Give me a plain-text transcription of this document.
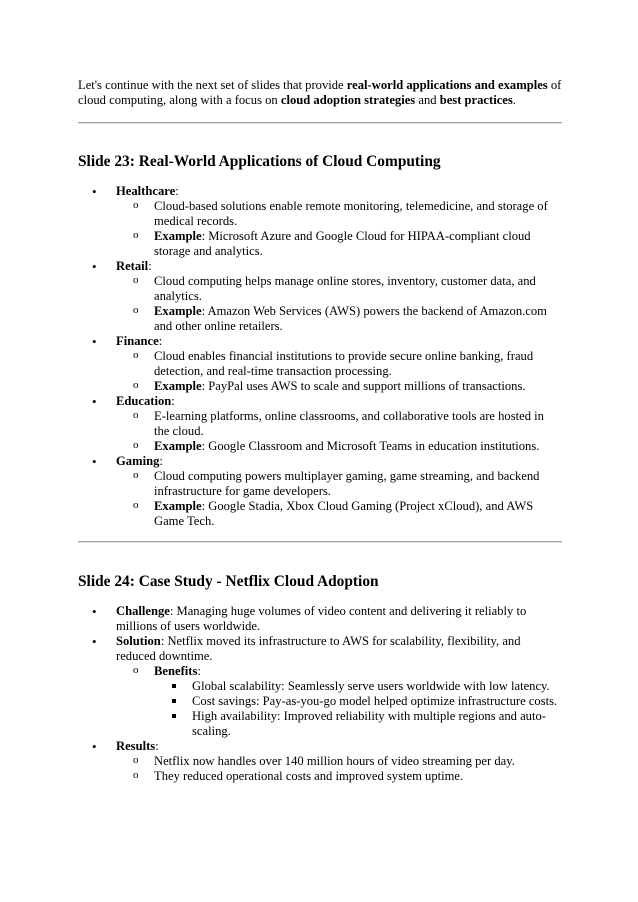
Let's continue with the next set of slides that provide real-world applications and examples of cloud computing, along with a focus on cloud adoption strategies and best practices.

Slide 23: Real-World Applications of Cloud Computing
• Healthcare:
o Cloud-based solutions enable remote monitoring, telemedicine, and storage of medical records.
o Example: Microsoft Azure and Google Cloud for HIPAA-compliant cloud storage and analytics.
• Retail:
o Cloud computing helps manage online stores, inventory, customer data, and analytics.
o Example: Amazon Web Services (AWS) powers the backend of Amazon.com and other online retailers.
• Finance:
o Cloud enables financial institutions to provide secure online banking, fraud detection, and real-time transaction processing.
o Example: PayPal uses AWS to scale and support millions of transactions.
• Education:
o E-learning platforms, online classrooms, and collaborative tools are hosted in the cloud.
o Example: Google Classroom and Microsoft Teams in education institutions.
• Gaming:
o Cloud computing powers multiplayer gaming, game streaming, and backend infrastructure for game developers.
o Example: Google Stadia, Xbox Cloud Gaming (Project xCloud), and AWS Game Tech.
Slide 24: Case Study - Netflix Cloud Adoption
• Challenge: Managing huge volumes of video content and delivering it reliably to millions of users worldwide.
• Solution: Netflix moved its infrastructure to AWS for scalability, flexibility, and reduced downtime.
o Benefits:
Global scalability: Seamlessly serve users worldwide with low latency.
Cost savings: Pay-as-you-go model helped optimize infrastructure costs.
High availability: Improved reliability with multiple regions and auto-scaling.
• Results:
o Netflix now handles over 140 million hours of video streaming per day.
o They reduced operational costs and improved system uptime.
